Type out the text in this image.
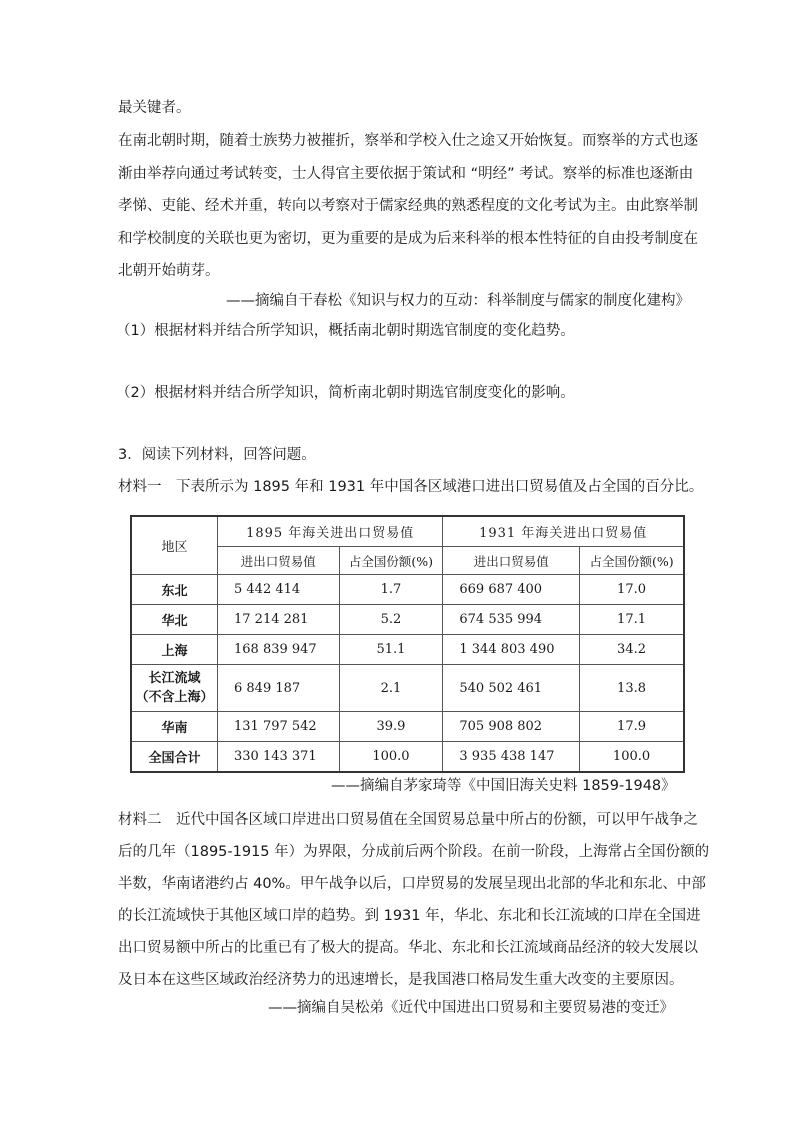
最关键者。
在南北朝时期，随着士族势力被摧折，察举和学校入仕之途又开始恢复。而察举的方式也逐
渐由举荐向通过考试转变，士人得官主要依据于策试和 “明经” 考试。察举的标准也逐渐由
孝悌、吏能、经术并重，转向以考察对于儒家经典的熟悉程度的文化考试为主。由此察举制
和学校制度的关联也更为密切，更为重要的是成为后来科举的根本性特征的自由投考制度在
北朝开始萌芽。
——摘编自干春松《知识与权力的互动：科举制度与儒家的制度化建构》
（1）根据材料并结合所学知识，概括南北朝时期选官制度的变化趋势。
（2）根据材料并结合所学知识，简析南北朝时期选官制度变化的影响。
3．阅读下列材料，回答问题。
材料一　下表所示为 1895 年和 1931 年中国各区域港口进出口贸易值及占全国的百分比。
地区	1895 年海关进出口贸易值		1931 年海关进出口贸易值	
	进出口贸易值	占全国份额(%)	进出口贸易值	占全国份额(%)
东北	5 442 414	1.7	669 687 400	17.0
华北	17 214 281	5.2	674 535 994	17.1
上海	168 839 947	51.1	1 344 803 490	34.2

长江流域
（不含上海）	6 849 187	2.1	540 502 461	13.8
华南	131 797 542	39.9	705 908 802	17.9
全国合计	330 143 371	100.0	3 935 438 147	100.0
——摘编自茅家琦等《中国旧海关史料 1859-1948》
材料二　近代中国各区域口岸进出口贸易值在全国贸易总量中所占的份额，可以甲午战争之
后的几年（1895-1915 年）为界限，分成前后两个阶段。在前一阶段，上海常占全国份额的
半数，华南诸港约占 40%。甲午战争以后，口岸贸易的发展呈现出北部的华北和东北、中部
的长江流域快于其他区域口岸的趋势。到 1931 年，华北、东北和长江流域的口岸在全国进
出口贸易额中所占的比重已有了极大的提高。华北、东北和长江流域商品经济的较大发展以
及日本在这些区域政治经济势力的迅速增长，是我国港口格局发生重大改变的主要原因。
——摘编自吴松弟《近代中国进出口贸易和主要贸易港的变迁》
